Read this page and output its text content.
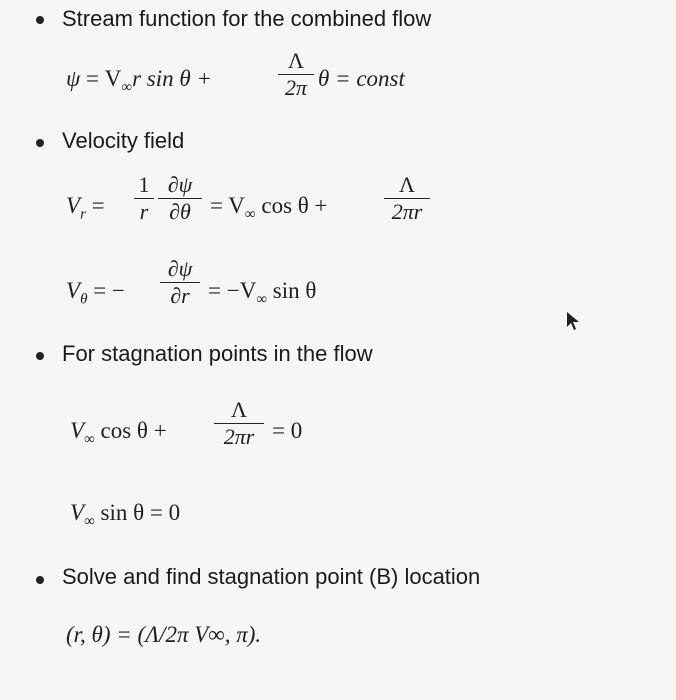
Stream function for the combined flow
$\psi = V_\infty r$ sin θ +
Λ
2π θ = const
Velocity field
$V_r$ =
1
r
∂ψ
$\partial\theta = V_\infty$ cos θ +
Λ
2πr
$V_\theta$ = −
∂ψ
$\partial r = -V_\infty$ sin θ
For stagnation points in the flow
$V_\infty$ cos θ +
Λ
2πr = 0
$V_\infty$ sin θ = 0
Solve and find stagnation point (B) location
(r, θ) = (Λ/2π V∞, π).
